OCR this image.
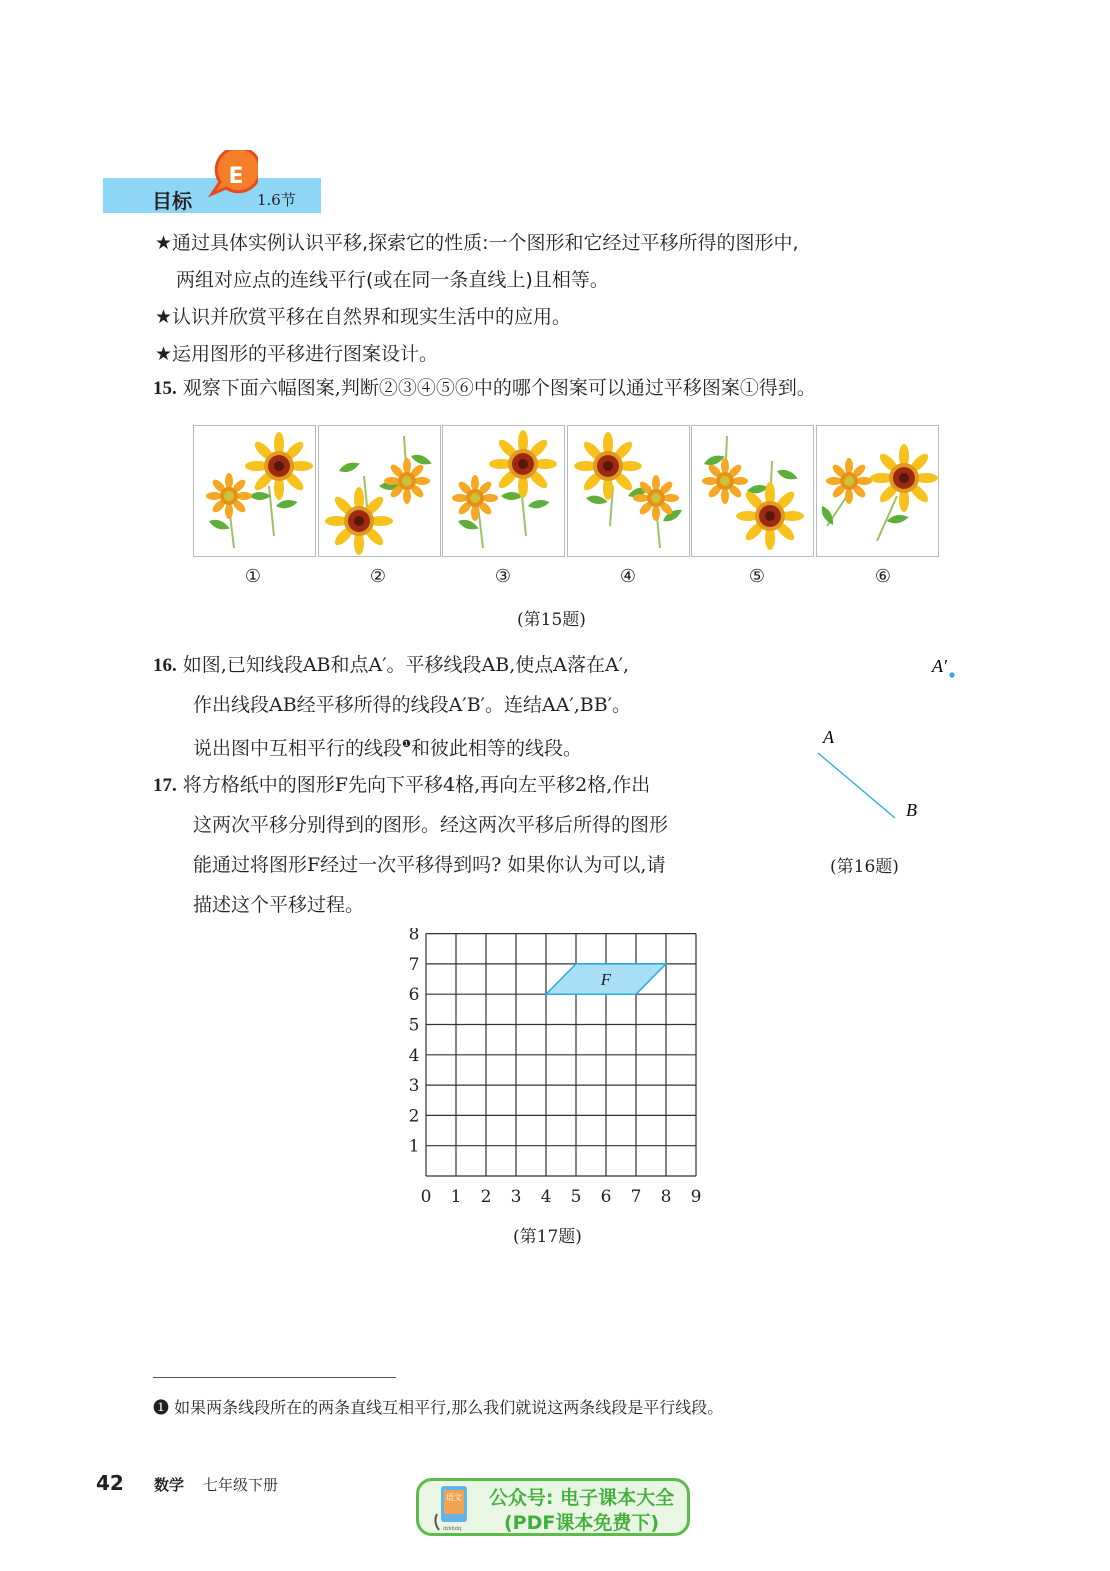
E
目标	1.6节
★通过具体实例认识平移,探索它的性质:一个图形和它经过平移所得的图形中,
两组对应点的连线平行(或在同一条直线上)且相等。
★认识并欣赏平移在自然界和现实生活中的应用。
★运用图形的平移进行图案设计。
15. 观察下面六幅图案,判断②③④⑤⑥中的哪个图案可以通过平移图案①得到。
①	②	③	④	⑤	⑥
(第15题)
16. 如图,已知线段AB和点A′。平移线段AB,使点A落在A′,
作出线段AB经平移所得的线段A′B′。连结AA′,BB′。
说出图中互相平行的线段$^❶$和彼此相等的线段。
A
B
A′
(第16题)
17. 将方格纸中的图形F先向下平移4格,再向左平移2格,作出
这两次平移分别得到的图形。经这两次平移后所得的图形
能通过将图形F经过一次平移得到吗? 如果你认为可以,请
描述这个平移过程。
F
0 1 2 3 4 5 6 7 8 9
1
2
3
4
5
6
7
8
(第17题)
❶ 如果两条线段所在的两条直线互相平行,那么我们就说这两条线段是平行线段。
42 数学 七年级下册
语文
dzkbdq
公众号: 电子课本大全
(PDF课本免费下)
